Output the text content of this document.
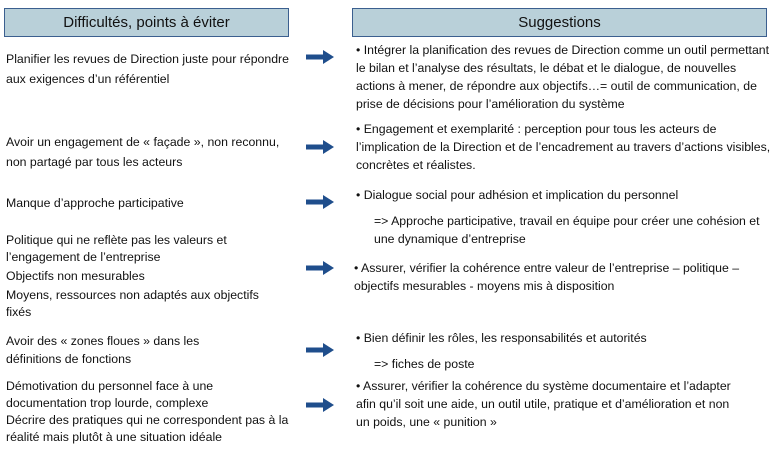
Difficultés, points à éviter	Suggestions
Planifier les revues de Direction juste pour répondre aux exigences d’un référentiel
• Intégrer la planification des revues de Direction comme un outil permettant le bilan et l’analyse des résultats, le débat et le dialogue, de nouvelles actions à mener, de répondre aux objectifs…= outil de communication, de prise de décisions pour l’amélioration du système
Avoir un engagement de « façade », non reconnu, non partagé par tous les acteurs
• Engagement et exemplarité : perception pour tous les acteurs de l’implication de la Direction et de l’encadrement au travers d’actions visibles, concrètes et réalistes.
Manque d’approche participative
• Dialogue social pour adhésion et implication du personnel
=> Approche participative, travail en équipe pour créer une cohésion et une dynamique d’entreprise

Politique qui ne reflète pas les valeurs et l’engagement de l’entreprise

Objectifs non mesurables

Moyens, ressources non adaptés aux objectifs fixés

• Assurer, vérifier la cohérence entre valeur de l’entreprise – politique – objectifs mesurables - moyens mis à disposition
Avoir des « zones floues » dans les définitions de fonctions
• Bien définir les rôles, les responsabilités et autorités
=> fiches de poste

Démotivation du personnel face à une documentation trop lourde, complexe

Décrire des pratiques qui ne correspondent pas à la réalité mais plutôt à une situation idéale

• Assurer, vérifier la cohérence du système documentaire et l’adapter afin qu’il soit une aide, un outil utile, pratique et d’amélioration et non un poids, une « punition »
